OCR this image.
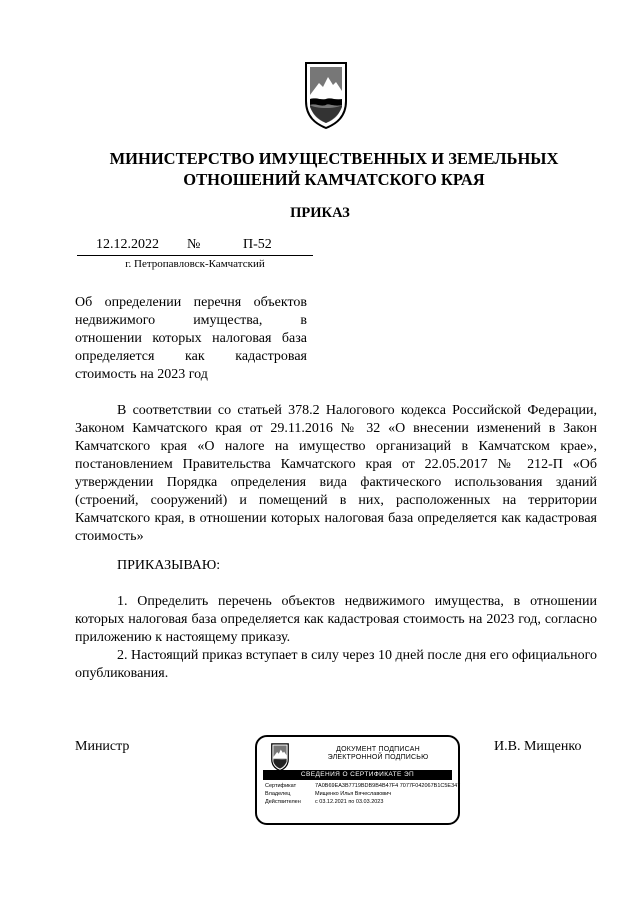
МИНИСТЕРСТВО ИМУЩЕСТВЕННЫХ И ЗЕМЕЛЬНЫХ
ОТНОШЕНИЙ КАМЧАТСКОГО КРАЯ
ПРИКАЗ
12.12.2022 №	П-52
г. Петропавловск-Камчатский
Об определении перечня объектов недвижимого имущества, в отношении которых налоговая база определяется как кадастровая стоимость на 2023 год
В соответствии со статьей 378.2 Налогового кодекса Российской Федерации, Законом Камчатского края от 29.11.2016 № 32 «О внесении изменений в Закон Камчатского края «О налоге на имущество организаций в Камчатском крае», постановлением Правительства Камчатского края от 22.05.2017 № 212-П «Об утверждении Порядка определения вида фактического использования зданий (строений, сооружений) и помещений в них, расположенных на территории Камчатского края, в отношении которых налоговая база определяется как кадастровая стоимость»
ПРИКАЗЫВАЮ:
1. Определить перечень объектов недвижимого имущества, в отношении которых налоговая база определяется как кадастровая стоимость на 2023 год, согласно приложению к настоящему приказу.
2. Настоящий приказ вступает в силу через 10 дней после дня его официального опубликования.
Министр	И.В. Мищенко
ДОКУМЕНТ ПОДПИСАН
ЭЛЕКТРОННОЙ ПОДПИСЬЮ
СВЕДЕНИЯ О СЕРТИФИКАТЕ ЭП
Сертификат	7A0B69EA3B7719BDB9B4B47F4 7077F042067B1C5E347
Владелец	Мищенко Илья Вячеславович
Действителен	с 03.12.2021 по 03.03.2023
